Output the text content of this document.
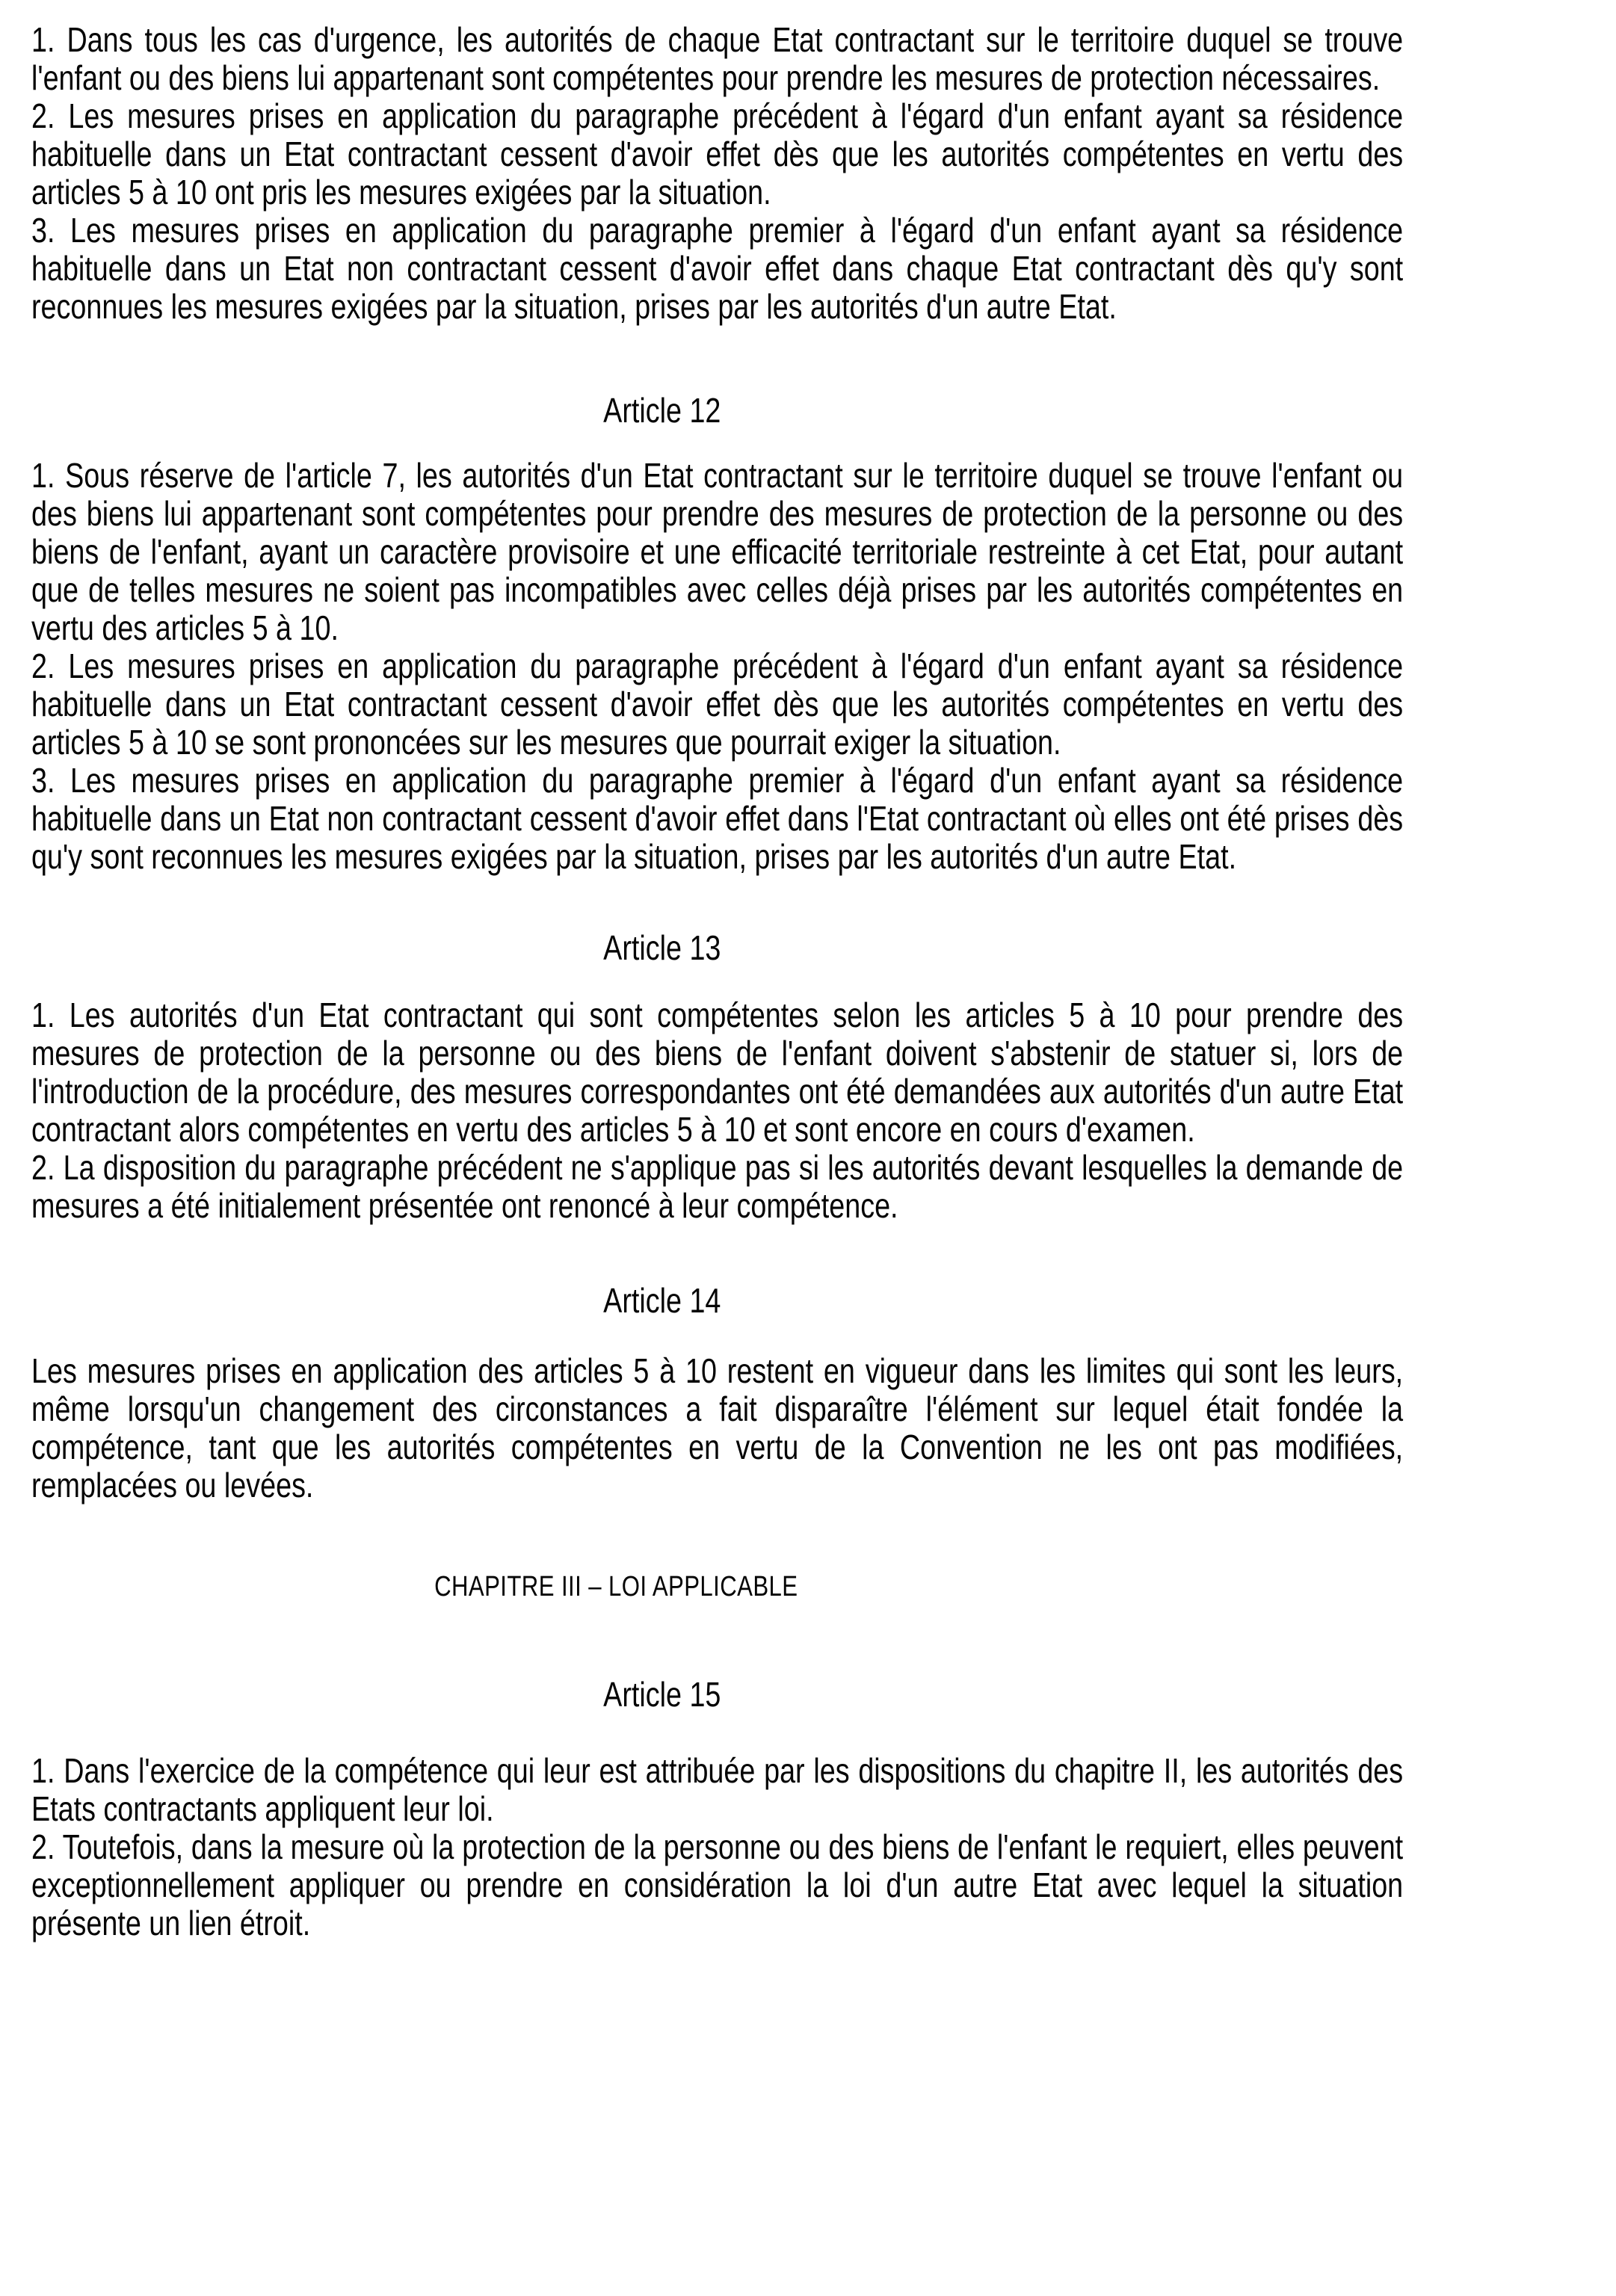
1. Dans tous les cas d'urgence, les autorités de chaque Etat contractant sur le territoire duquel se trouve l'enfant ou des biens lui appartenant sont compétentes pour prendre les mesures de protection nécessaires.

2. Les mesures prises en application du paragraphe précédent à l'égard d'un enfant ayant sa résidence habituelle dans un Etat contractant cessent d'avoir effet dès que les autorités compétentes en vertu des articles 5 à 10 ont pris les mesures exigées par la situation.

3. Les mesures prises en application du paragraphe premier à l'égard d'un enfant ayant sa résidence habituelle dans un Etat non contractant cessent d'avoir effet dans chaque Etat contractant dès qu'y sont reconnues les mesures exigées par la situation, prises par les autorités d'un autre Etat.

Article 12

1. Sous réserve de l'article 7, les autorités d'un Etat contractant sur le territoire duquel se trouve l'enfant ou des biens lui appartenant sont compétentes pour prendre des mesures de protection de la personne ou des biens de l'enfant, ayant un caractère provisoire et une efficacité territoriale restreinte à cet Etat, pour autant que de telles mesures ne soient pas incompatibles avec celles déjà prises par les autorités compétentes en vertu des articles 5 à 10.

2. Les mesures prises en application du paragraphe précédent à l'égard d'un enfant ayant sa résidence habituelle dans un Etat contractant cessent d'avoir effet dès que les autorités compétentes en vertu des articles 5 à 10 se sont prononcées sur les mesures que pourrait exiger la situation.

3. Les mesures prises en application du paragraphe premier à l'égard d'un enfant ayant sa résidence habituelle dans un Etat non contractant cessent d'avoir effet dans l'Etat contractant où elles ont été prises dès qu'y sont reconnues les mesures exigées par la situation, prises par les autorités d'un autre Etat.

Article 13

1. Les autorités d'un Etat contractant qui sont compétentes selon les articles 5 à 10 pour prendre des mesures de protection de la personne ou des biens de l'enfant doivent s'abstenir de statuer si, lors de l'introduction de la procédure, des mesures correspondantes ont été demandées aux autorités d'un autre Etat contractant alors compétentes en vertu des articles 5 à 10 et sont encore en cours d'examen.

2. La disposition du paragraphe précédent ne s'applique pas si les autorités devant lesquelles la demande de mesures a été initialement présentée ont renoncé à leur compétence.

Article 14

Les mesures prises en application des articles 5 à 10 restent en vigueur dans les limites qui sont les leurs, même lorsqu'un changement des circonstances a fait disparaître l'élément sur lequel était fondée la compétence, tant que les autorités compétentes en vertu de la Convention ne les ont pas modifiées, remplacées ou levées.

CHAPITRE III – LOI APPLICABLE
Article 15

1. Dans l'exercice de la compétence qui leur est attribuée par les dispositions du chapitre II, les autorités des Etats contractants appliquent leur loi.

2. Toutefois, dans la mesure où la protection de la personne ou des biens de l'enfant le requiert, elles peuvent exceptionnellement appliquer ou prendre en considération la loi d'un autre Etat avec lequel la situation présente un lien étroit.
